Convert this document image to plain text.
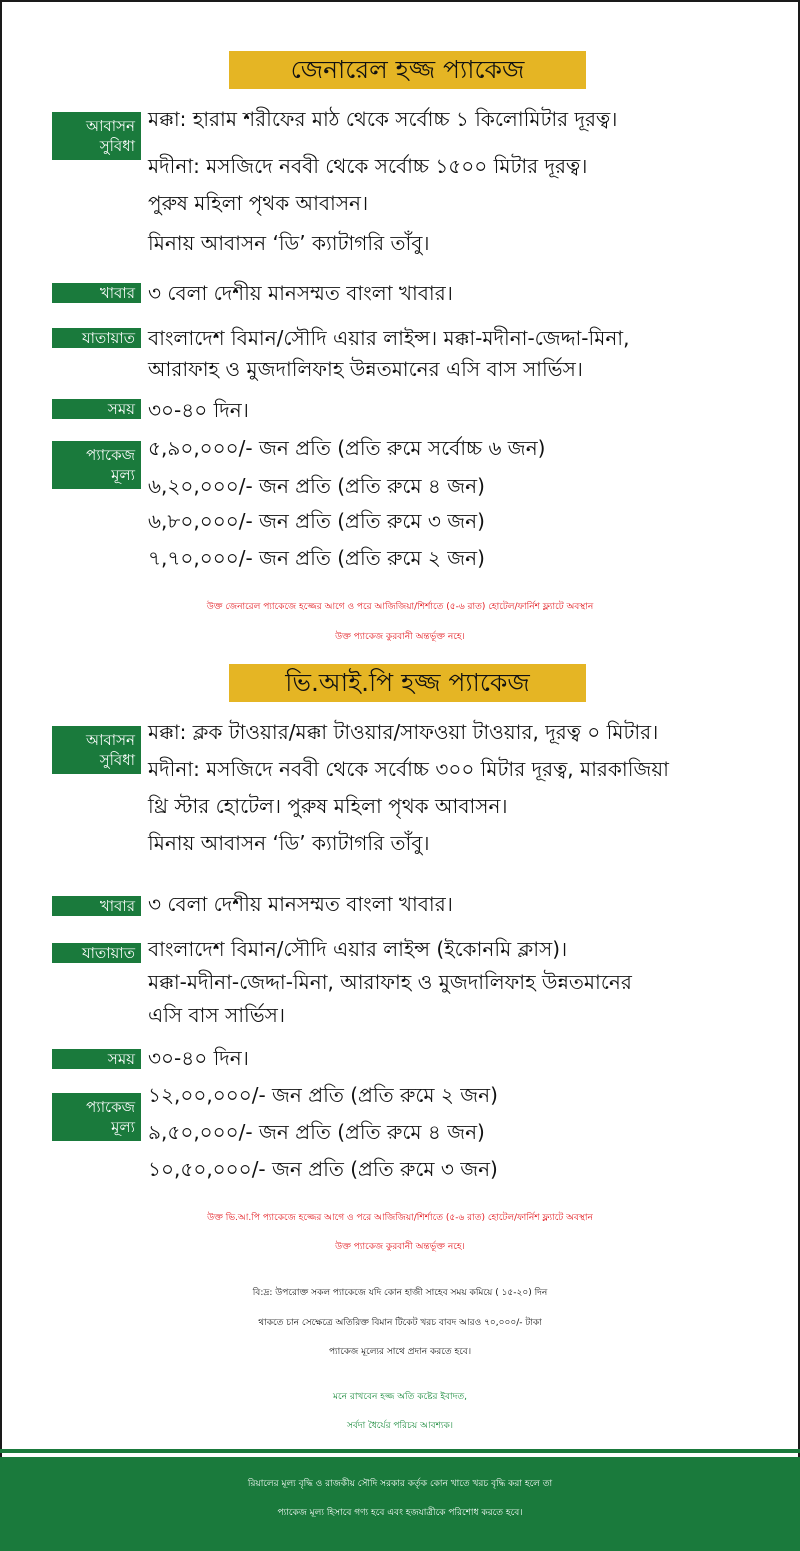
জেনারেল হজ্জ প্যাকেজ
আবাসন
সুবিধা
মক্কা: হারাম শরীফের মাঠ থেকে সর্বোচ্চ ১ কিলোমিটার দূরত্ব।
মদীনা: মসজিদে নববী থেকে সর্বোচ্চ ১৫০০ মিটার দূরত্ব।
পুরুষ মহিলা পৃথক আবাসন।
মিনায় আবাসন ‘ডি’ ক্যাটাগরি তাঁবু।
খাবার ৩ বেলা দেশীয় মানসম্মত বাংলা খাবার।
যাতায়াত বাংলাদেশ বিমান/সৌদি এয়ার লাইন্স। মক্কা-মদীনা-জেদ্দা-মিনা,
আরাফাহ ও মুজদালিফাহ উন্নতমানের এসি বাস সার্ভিস।
সময় ৩০-৪০ দিন।
প্যাকেজ
মূল্য
৫,৯০,০০০/- জন প্রতি (প্রতি রুমে সর্বোচ্চ ৬ জন)
৬,২০,০০০/- জন প্রতি (প্রতি রুমে ৪ জন)
৬,৮০,০০০/- জন প্রতি (প্রতি রুমে ৩ জন)
৭,৭০,০০০/- জন প্রতি (প্রতি রুমে ২ জন)
উক্ত জেনারেল প্যাকেজে হজ্জের আগে ও পরে আজিজিয়া/শির্শাতে (৫-৬ রাত) হোটেল/ফার্নিশ ফ্ল্যাটে অবস্থান
উক্ত প্যাকেজ কুরবানী অন্তর্ভূক্ত নহে।
ভি.আই.পি হজ্জ প্যাকেজ
আবাসন
সুবিধা
মক্কা: ক্লক টাওয়ার/মক্কা টাওয়ার/সাফওয়া টাওয়ার, দূরত্ব ০ মিটার।
মদীনা: মসজিদে নববী থেকে সর্বোচ্চ ৩০০ মিটার দূরত্ব, মারকাজিয়া
থ্রি স্টার হোটেল। পুরুষ মহিলা পৃথক আবাসন।
মিনায় আবাসন ‘ডি’ ক্যাটাগরি তাঁবু।
খাবার ৩ বেলা দেশীয় মানসম্মত বাংলা খাবার।
যাতায়াত বাংলাদেশ বিমান/সৌদি এয়ার লাইন্স (ইকোনমি ক্লাস)।
মক্কা-মদীনা-জেদ্দা-মিনা, আরাফাহ ও মুজদালিফাহ উন্নতমানের
এসি বাস সার্ভিস।
সময় ৩০-৪০ দিন।
প্যাকেজ
মূল্য
১২,০০,০০০/- জন প্রতি (প্রতি রুমে ২ জন)
৯,৫০,০০০/- জন প্রতি (প্রতি রুমে ৪ জন)
১০,৫০,০০০/- জন প্রতি (প্রতি রুমে ৩ জন)
উক্ত ভি.আ.পি প্যাকেজে হজ্জের আগে ও পরে আজিজিয়া/শির্শাতে (৫-৬ রাত) হোটেল/ফার্নিশ ফ্ল্যাটে অবস্থান
উক্ত প্যাকেজ কুরবানী অন্তর্ভূক্ত নহে।
বি:দ্র: উপরোক্ত সকল প্যাকেজে যদি কোন হাজী সাহেব সময় কমিয়ে ( ১৫-২০) দিন
থাকতে চান সেক্ষেত্রে অতিরিক্ত বিমান টিকেট খরচ বাবদ আরও ৭০,০০০/- টাকা
প্যাকেজ মূল্যের সাথে প্রদান করতে হবে।
মনে রাখবেন হজ্জ অতি কষ্টের ইবাদত,
সর্বদা ধৈর্যের পরিচয় আবশ্যক।
রিয়ালের মূল্য বৃদ্ধি ও রাজকীয় সৌদি সরকার কর্তৃক কোন খাতে খরচ বৃদ্ধি করা হলে তা
প্যাকেজ মূল্য হিসাবে গণ্য হবে এবং হজযাত্রীকে পরিশোধ করতে হবে।
